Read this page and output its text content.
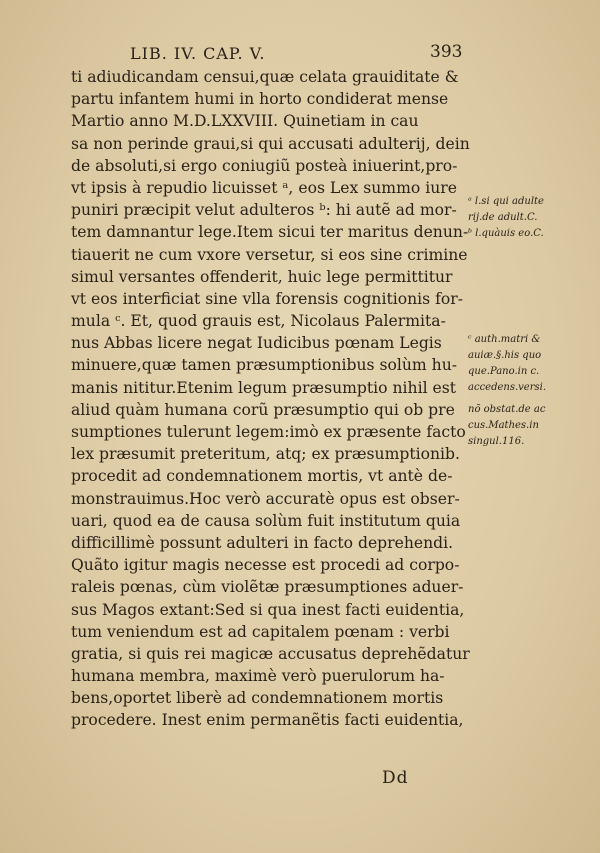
LIB. IV. CAP. V.	393
ti adiudicandam censui,quæ celata grauiditate &
partu infantem humi in horto condiderat mense
Martio anno M.D.LXXVIII. Quinetiam in cau
sa non perinde graui,si qui accusati adulterij, dein
de absoluti,si ergo coniugiũ posteà iniuerint,pro-
vt ipsis à repudio licuisset ᵃ, eos Lex summo iure
puniri præcipit velut adulteros ᵇ: hi autẽ ad mor-
tem damnantur lege.Item sicui ter maritus denun-
tiauerit ne cum vxore versetur, si eos sine crimine
simul versantes offenderit, huic lege permittitur
vt eos interficiat sine vlla forensis cognitionis for-
mula ᶜ. Et, quod grauis est, Nicolaus Palermita-
nus Abbas licere negat Iudicibus pœnam Legis
minuere,quæ tamen præsumptionibus solùm hu-
manis nititur.Etenim legum præsumptio nihil est
aliud quàm humana corũ præsumptio qui ob pre
sumptiones tulerunt legem:imò ex præsente facto
lex præsumit preteritum, atq; ex præsumptionib.
procedit ad condemnationem mortis, vt antè de-
monstrauimus.Hoc verò accuratè opus est obser-
uari, quod ea de causa solùm fuit institutum quia
difficillimè possunt adulteri in facto deprehendi.
Quãto igitur magis necesse est procedi ad corpo-
raleis pœnas, cùm violẽtæ præsumptiones aduer-
sus Magos extant:Sed si qua inest facti euidentia,
tum veniendum est ad capitalem pœnam : verbi
gratia, si quis rei magicæ accusatus deprehẽdatur
humana membra, maximè verò puerulorum ha-
bens,oportet liberè ad condemnationem mortis
procedere. Inest enim permanẽtis facti euidentia,
ᵃ l.si qui adulte
rij.de adult.C.
ᵇ l.quàuis eo.C.
ᶜ auth.matri &
auiæ.§.his quo
que.Pano.in c.
accedens.versi.
nõ obstat.de ac
cus.Mathes.in
singul.116.
Dd
